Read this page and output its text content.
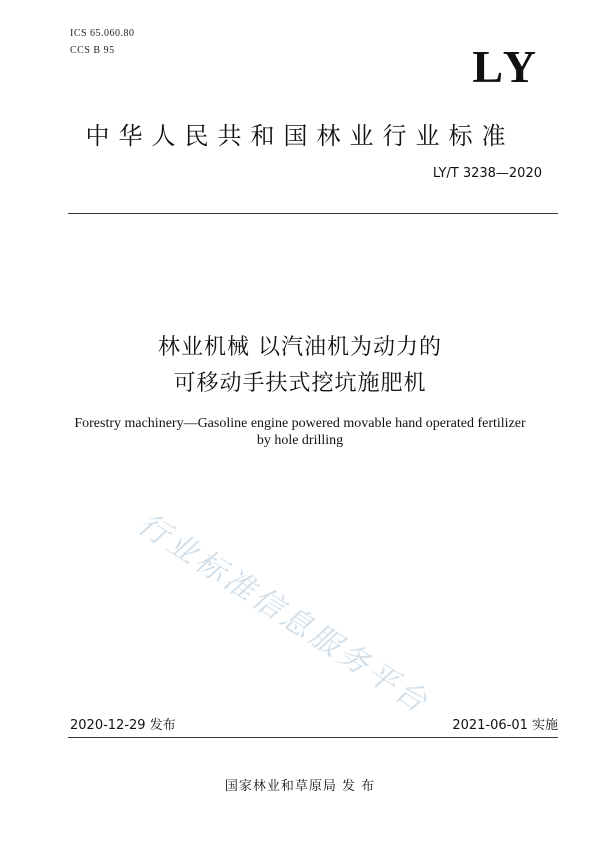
ICS 65.060.80
CCS B 95	LY
中华人民共和国林业行业标准
LY/T 3238—2020
林业机械 以汽油机为动力的
可移动手扶式挖坑施肥机
Forestry machinery—Gasoline engine powered movable hand operated fertilizer
by hole drilling
行业标准信息服务平台
2020-12-29 发布	2021-06-01 实施
国家林业和草原局 发 布
